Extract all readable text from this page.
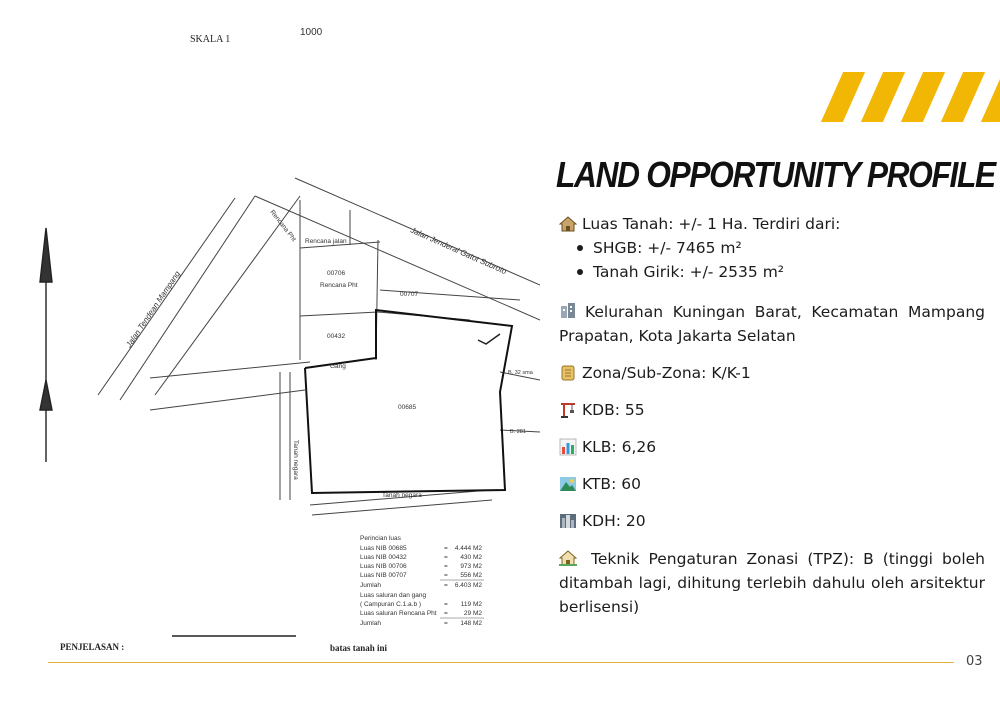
SKALA 1
1000
Jalan Jenderal Gatot Subroto
Jalan Tendean Mampang
Rencana Pht Rencana jalan
00706
Rencana Pht
00707
00432
Gang
00685
Tanah negara
Tanah negara
B. 32 sma
B. 281
Perincian luas
Luas NIB 00685	= 4.444 M2
Luas NIB 00432	= 430 M2
Luas NIB 00706	= 973 M2
Luas NIB 00707	= 556 M2
Jumlah	= 6.403 M2
Luas saluran dan gang
( Campuran C.1.a.b )	= 119 M2
Luas saluran Rencana Pht = 29 M2
Jumlah	= 148 M2
PENJELASAN :	batas tanah ini
LAND OPPORTUNITY PROFILE
Luas Tanah: +/- 1 Ha. Terdiri dari:
SHGB: +/- 7465 m²
Tanah Girik: +/- 2535 m²
Kelurahan Kuningan Barat, Kecamatan Mampang Prapatan, Kota Jakarta Selatan
Zona/Sub-Zona: K/K-1
KDB: 55
KLB: 6,26
KTB: 60
KDH: 20
Teknik Pengaturan Zonasi (TPZ): B (tinggi boleh ditambah lagi, dihitung terlebih dahulu oleh arsitektur berlisensi)
03
